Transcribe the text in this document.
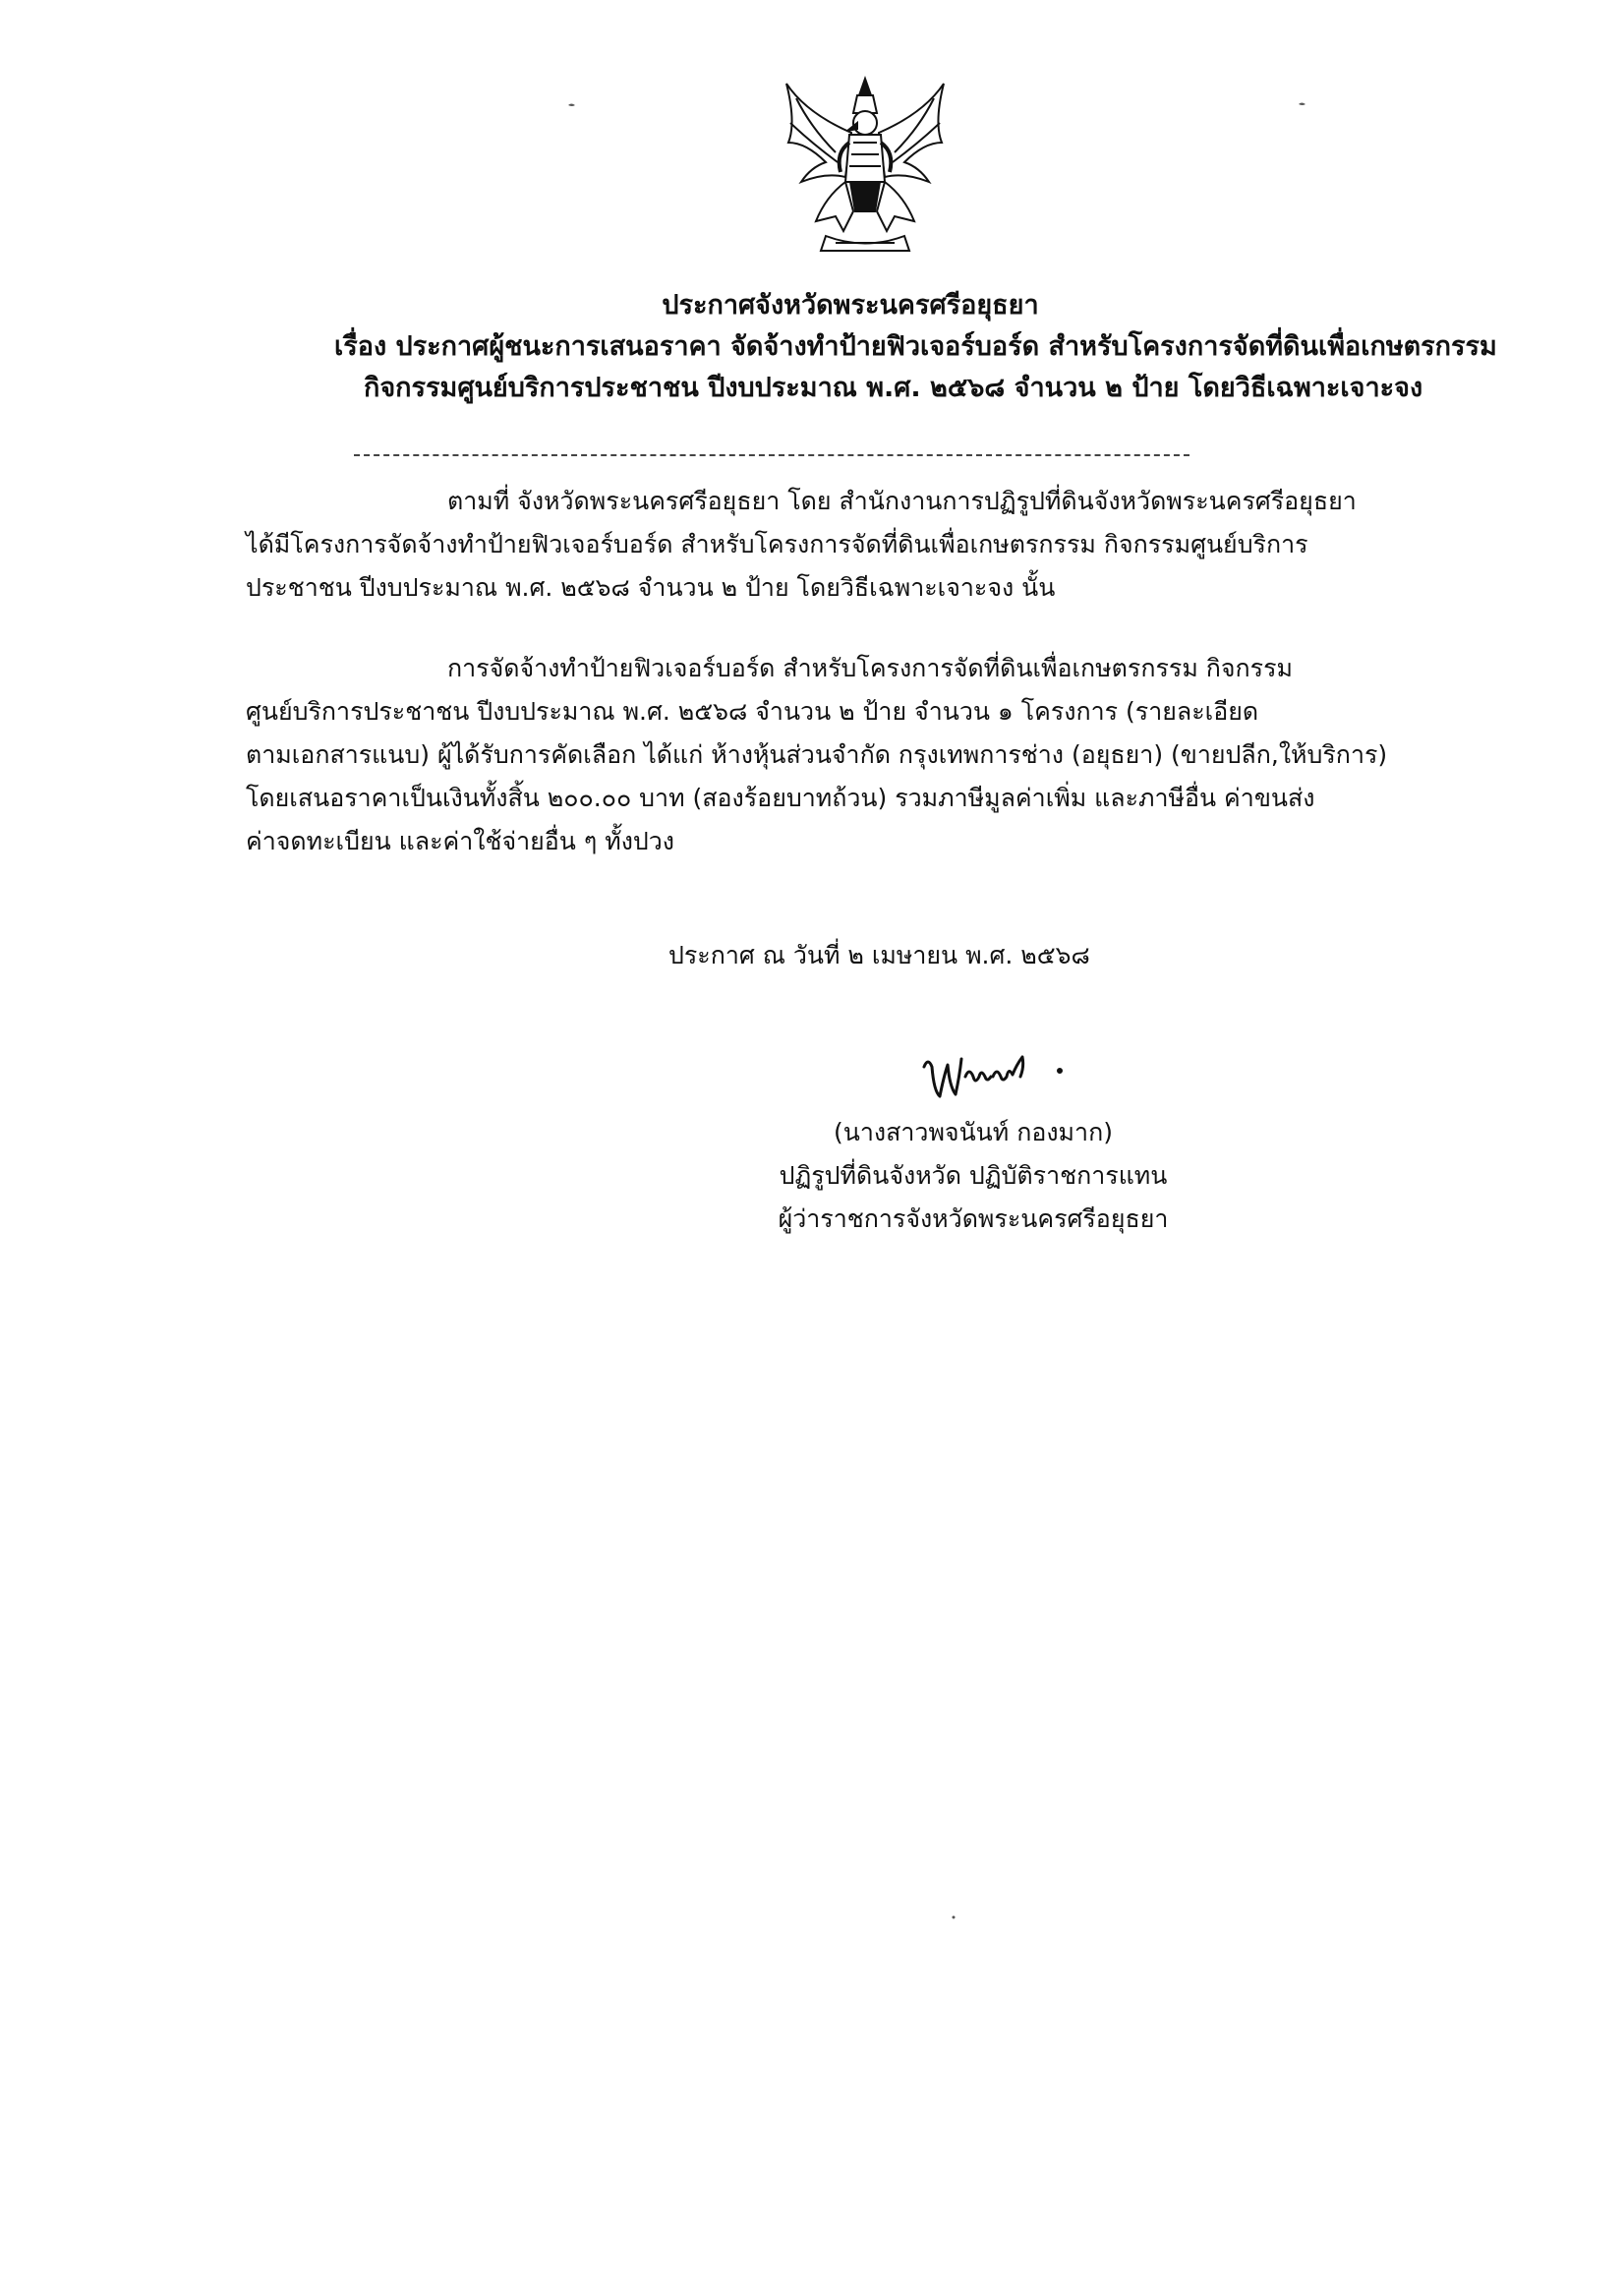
ประกาศจังหวัดพระนครศรีอยุธยา
เรื่อง ประกาศผู้ชนะการเสนอราคา จัดจ้างทำป้ายฟิวเจอร์บอร์ด สำหรับโครงการจัดที่ดินเพื่อเกษตรกรรม
กิจกรรมศูนย์บริการประชาชน ปีงบประมาณ พ.ศ. ๒๕๖๘ จำนวน ๒ ป้าย โดยวิธีเฉพาะเจาะจง
ตามที่ จังหวัดพระนครศรีอยุธยา โดย สำนักงานการปฏิรูปที่ดินจังหวัดพระนครศรีอยุธยา
ได้มีโครงการจัดจ้างทำป้ายฟิวเจอร์บอร์ด สำหรับโครงการจัดที่ดินเพื่อเกษตรกรรม กิจกรรมศูนย์บริการ
ประชาชน ปีงบประมาณ พ.ศ. ๒๕๖๘ จำนวน ๒ ป้าย โดยวิธีเฉพาะเจาะจง นั้น
การจัดจ้างทำป้ายฟิวเจอร์บอร์ด สำหรับโครงการจัดที่ดินเพื่อเกษตรกรรม กิจกรรม
ศูนย์บริการประชาชน ปีงบประมาณ พ.ศ. ๒๕๖๘ จำนวน ๒ ป้าย จำนวน ๑ โครงการ (รายละเอียด
ตามเอกสารแนบ) ผู้ได้รับการคัดเลือก ได้แก่ ห้างหุ้นส่วนจำกัด กรุงเทพการช่าง (อยุธยา) (ขายปลีก,ให้บริการ)
โดยเสนอราคาเป็นเงินทั้งสิ้น ๒๐๐.๐๐ บาท (สองร้อยบาทถ้วน) รวมภาษีมูลค่าเพิ่ม และภาษีอื่น ค่าขนส่ง
ค่าจดทะเบียน และค่าใช้จ่ายอื่น ๆ ทั้งปวง
ประกาศ ณ วันที่ ๒ เมษายน พ.ศ. ๒๕๖๘
(นางสาวพจนันท์ กองมาก)
ปฏิรูปที่ดินจังหวัด ปฏิบัติราชการแทน
ผู้ว่าราชการจังหวัดพระนครศรีอยุธยา
